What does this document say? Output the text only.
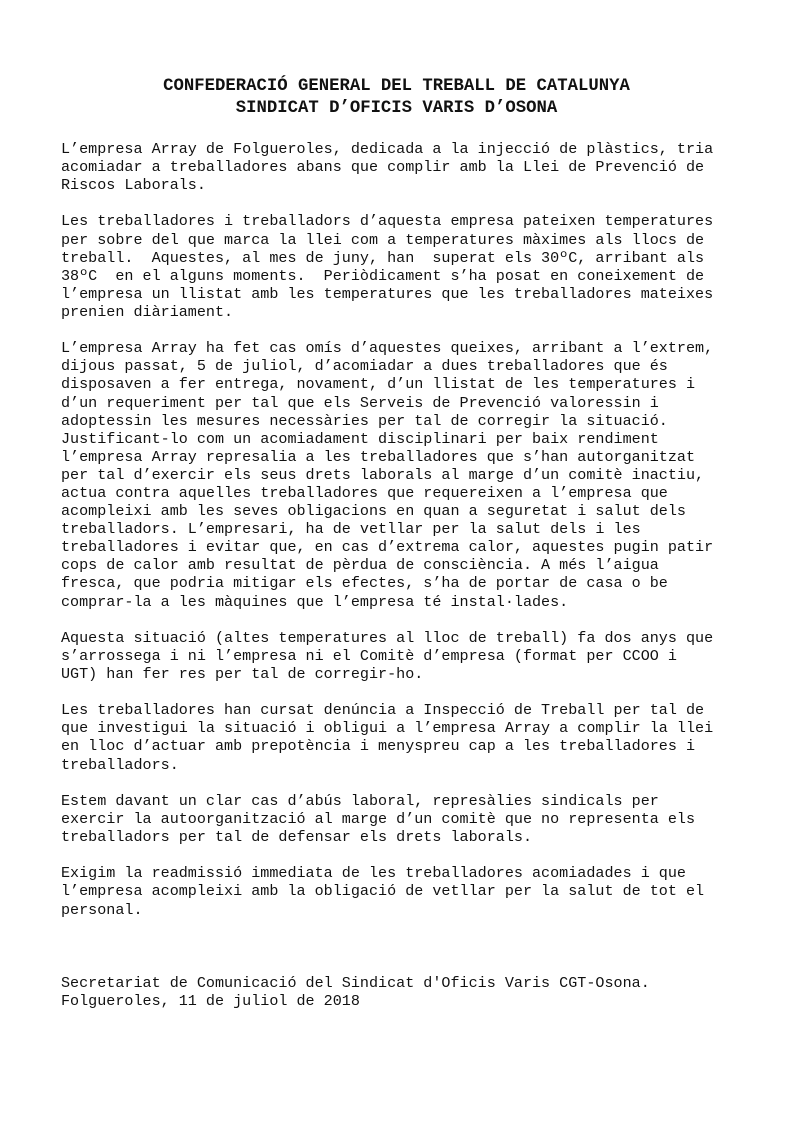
CONFEDERACIÓ GENERAL DEL TREBALL DE CATALUNYA
SINDICAT D’OFICIS VARIS D’OSONA
L’empresa Array de Folgueroles, dedicada a la injecció de plàstics, tria
acomiadar a treballadores abans que complir amb la Llei de Prevenció de
Riscos Laborals.
Les treballadores i treballadors d’aquesta empresa pateixen temperatures
per sobre del que marca la llei com a temperatures màximes als llocs de
treball.  Aquestes, al mes de juny, han  superat els 30ºC, arribant als
38ºC  en el alguns moments.  Periòdicament s’ha posat en coneixement de
l’empresa un llistat amb les temperatures que les treballadores mateixes
prenien diàriament.
L’empresa Array ha fet cas omís d’aquestes queixes, arribant a l’extrem,
dijous passat, 5 de juliol, d’acomiadar a dues treballadores que és
disposaven a fer entrega, novament, d’un llistat de les temperatures i
d’un requeriment per tal que els Serveis de Prevenció valoressin i
adoptessin les mesures necessàries per tal de corregir la situació.
Justificant-lo com un acomiadament disciplinari per baix rendiment
l’empresa Array represalia a les treballadores que s’han autorganitzat
per tal d’exercir els seus drets laborals al marge d’un comitè inactiu,
actua contra aquelles treballadores que requereixen a l’empresa que
acompleixi amb les seves obligacions en quan a seguretat i salut dels
treballadors. L’empresari, ha de vetllar per la salut dels i les
treballadores i evitar que, en cas d’extrema calor, aquestes pugin patir
cops de calor amb resultat de pèrdua de consciència. A més l’aigua
fresca, que podria mitigar els efectes, s’ha de portar de casa o be
comprar-la a les màquines que l’empresa té instal·lades.
Aquesta situació (altes temperatures al lloc de treball) fa dos anys que
s’arrossega i ni l’empresa ni el Comitè d’empresa (format per CCOO i
UGT) han fer res per tal de corregir-ho.
Les treballadores han cursat denúncia a Inspecció de Treball per tal de
que investigui la situació i obligui a l’empresa Array a complir la llei
en lloc d’actuar amb prepotència i menyspreu cap a les treballadores i
treballadors.
Estem davant un clar cas d’abús laboral, represàlies sindicals per
exercir la autoorganització al marge d’un comitè que no representa els
treballadors per tal de defensar els drets laborals.
Exigim la readmissió immediata de les treballadores acomiadades i que
l’empresa acompleixi amb la obligació de vetllar per la salut de tot el
personal.
Secretariat de Comunicació del Sindicat d'Oficis Varis CGT-Osona.
Folgueroles, 11 de juliol de 2018
